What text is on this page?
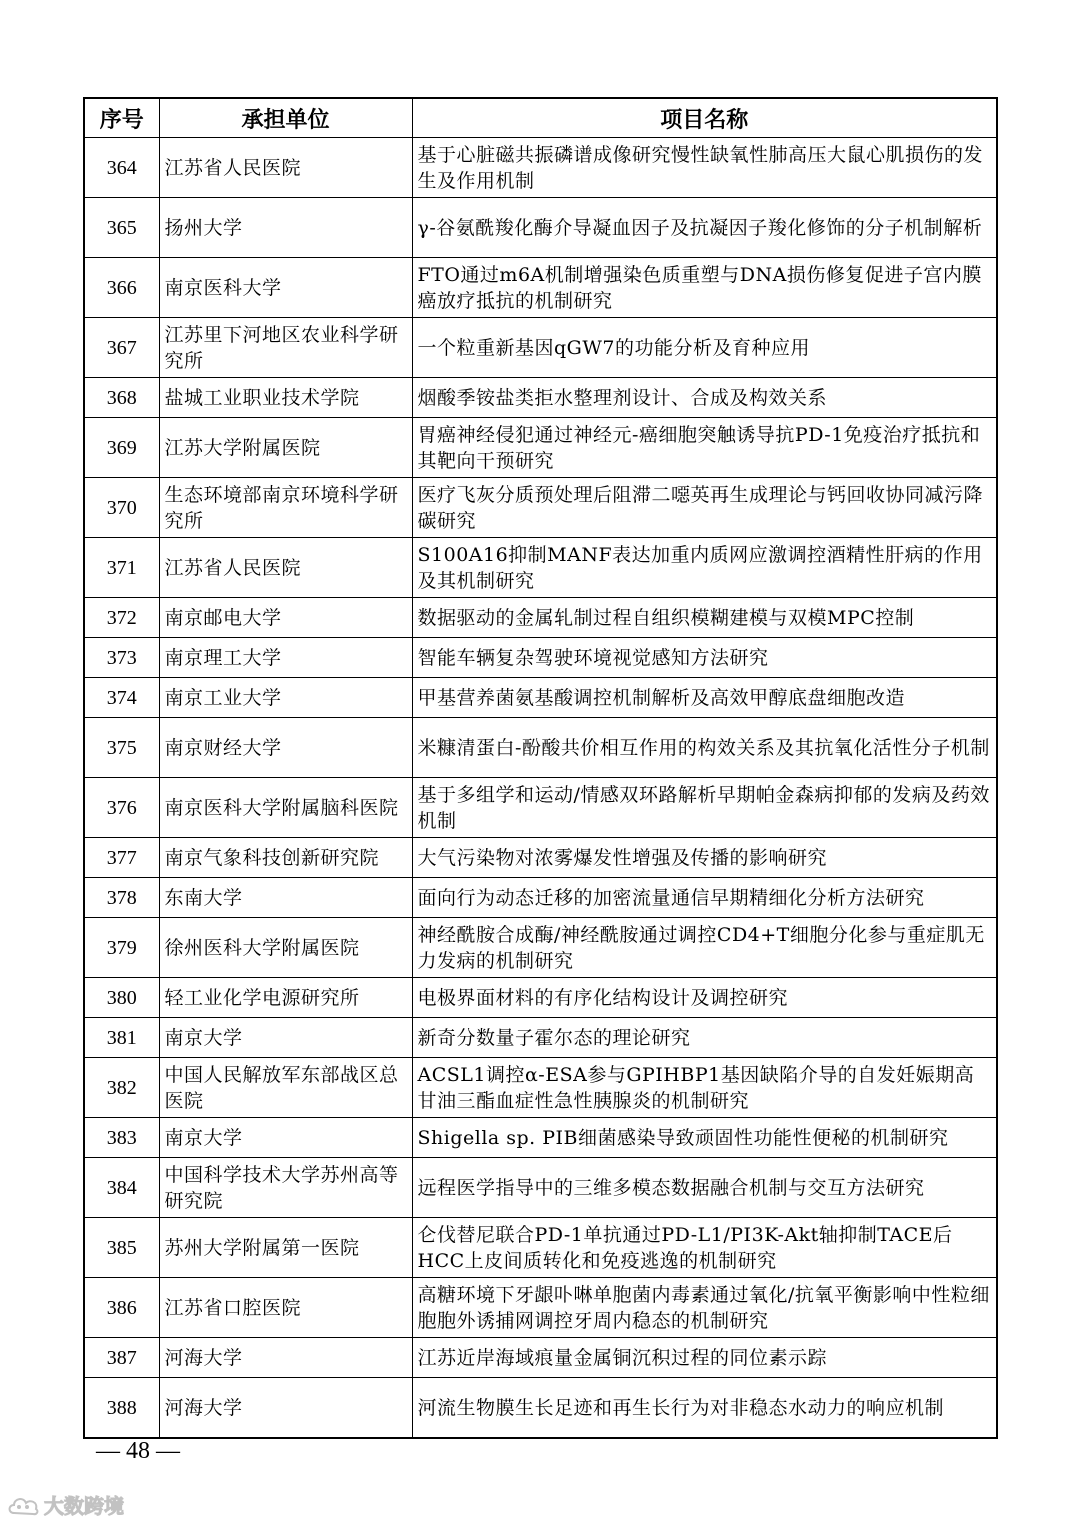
序号	承担单位	项目名称
364	江苏省人民医院	基于心脏磁共振磷谱成像研究慢性缺氧性肺高压大鼠心肌损伤的发生及作用机制
365	扬州大学	γ-谷氨酰羧化酶介导凝血因子及抗凝因子羧化修饰的分子机制解析
366	南京医科大学	FTO通过m6A机制增强染色质重塑与DNA损伤修复促进子宫内膜癌放疗抵抗的机制研究
367	江苏里下河地区农业科学研究所	一个粒重新基因qGW7的功能分析及育种应用
368	盐城工业职业技术学院	烟酸季铵盐类拒水整理剂设计、合成及构效关系
369	江苏大学附属医院	胃癌神经侵犯通过神经元-癌细胞突触诱导抗PD-1免疫治疗抵抗和其靶向干预研究
370	生态环境部南京环境科学研究所	医疗飞灰分质预处理后阻滞二噁英再生成理论与钙回收协同减污降碳研究
371	江苏省人民医院	S100A16抑制MANF表达加重内质网应激调控酒精性肝病的作用及其机制研究
372	南京邮电大学	数据驱动的金属轧制过程自组织模糊建模与双模MPC控制
373	南京理工大学	智能车辆复杂驾驶环境视觉感知方法研究
374	南京工业大学	甲基营养菌氨基酸调控机制解析及高效甲醇底盘细胞改造
375	南京财经大学	米糠清蛋白-酚酸共价相互作用的构效关系及其抗氧化活性分子机制
376	南京医科大学附属脑科医院	基于多组学和运动/情感双环路解析早期帕金森病抑郁的发病及药效机制
377	南京气象科技创新研究院	大气污染物对浓雾爆发性增强及传播的影响研究
378	东南大学	面向行为动态迁移的加密流量通信早期精细化分析方法研究
379	徐州医科大学附属医院	神经酰胺合成酶/神经酰胺通过调控CD4+T细胞分化参与重症肌无力发病的机制研究
380	轻工业化学电源研究所	电极界面材料的有序化结构设计及调控研究
381	南京大学	新奇分数量子霍尔态的理论研究
382	中国人民解放军东部战区总医院	ACSL1调控α-ESA参与GPIHBP1基因缺陷介导的自发妊娠期高甘油三酯血症性急性胰腺炎的机制研究
383	南京大学	Shigella sp. PIB细菌感染导致顽固性功能性便秘的机制研究
384	中国科学技术大学苏州高等研究院	远程医学指导中的三维多模态数据融合机制与交互方法研究
385	苏州大学附属第一医院	仑伐替尼联合PD-1单抗通过PD-L1/PI3K-Akt轴抑制TACE后HCC上皮间质转化和免疫逃逸的机制研究
386	江苏省口腔医院	高糖环境下牙龈卟啉单胞菌内毒素通过氧化/抗氧平衡影响中性粒细胞胞外诱捕网调控牙周内稳态的机制研究
387	河海大学	江苏近岸海域痕量金属铜沉积过程的同位素示踪
388	河海大学	河流生物膜生长足迹和再生长行为对非稳态水动力的响应机制
— 48 —
大数跨境
